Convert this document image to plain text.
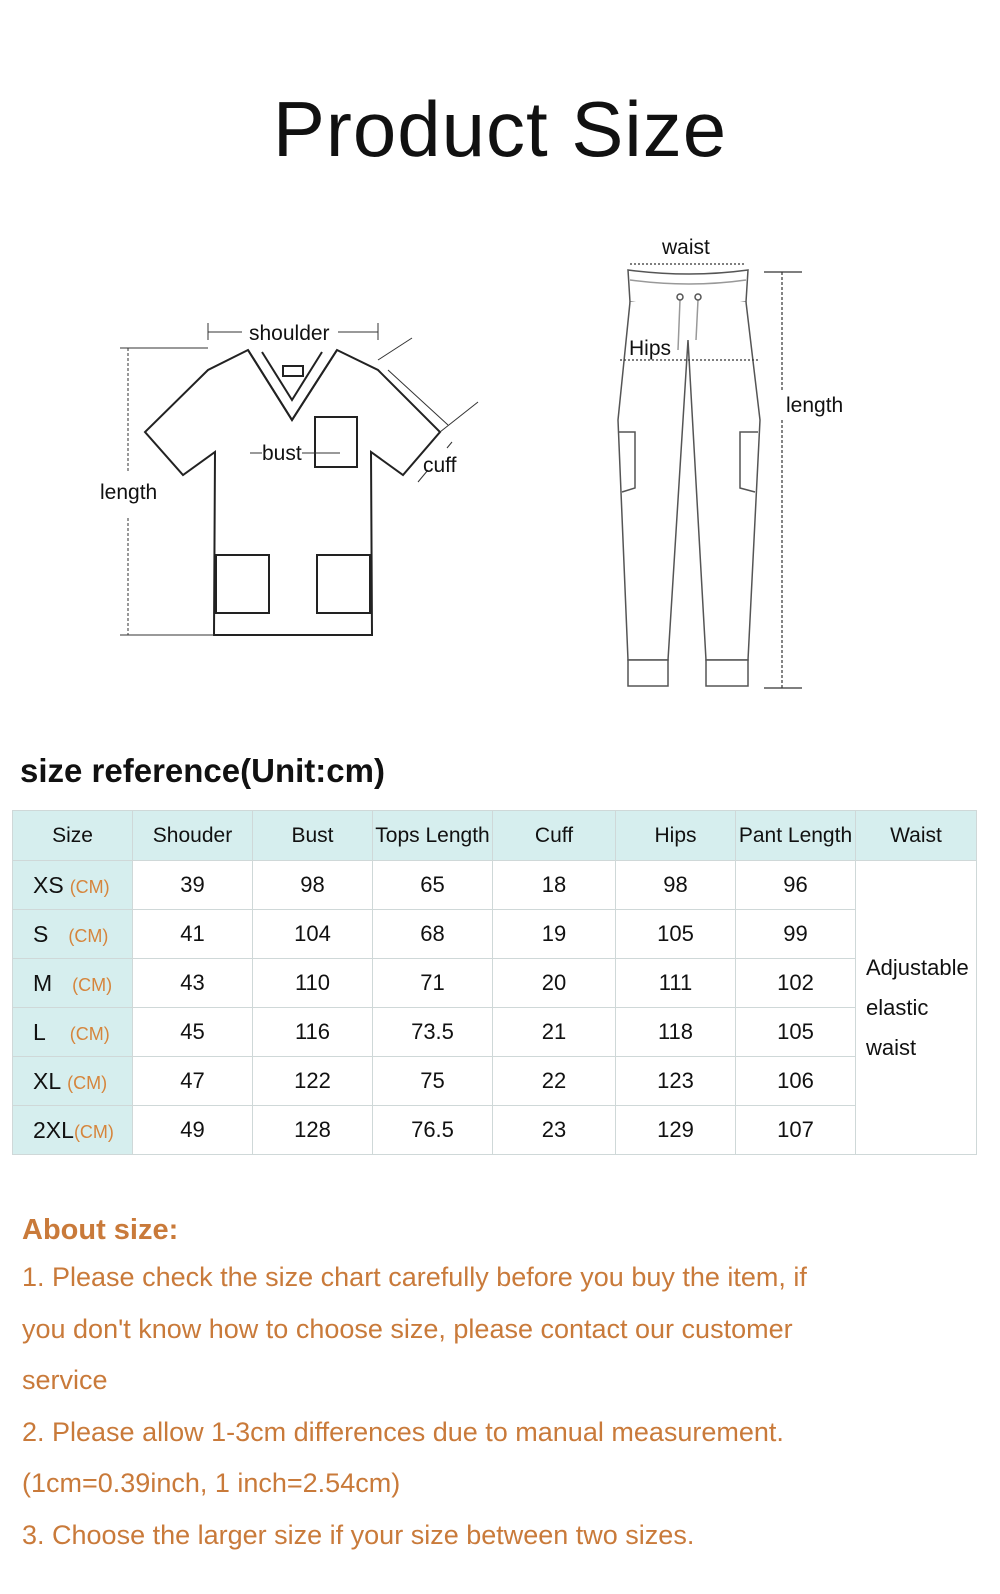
Product Size
shoulder
bust
cuff
length
waist
Hips
length
size reference(Unit:cm)
Size	Shouder	Bust	Tops Length	Cuff	Hips	Pant Length	Waist
XS (CM)	39	98	65	18	98	96	Adjustable
elastic
waist

S (CM)	41	104	68	19	105	99	
M (CM)	43	110	71	20	111	102	
L (CM)	45	116	73.5	21	118	105	
XL (CM)	47	122	75	22	123	106	
2XL(CM)	49	128	76.5	23	129	107	
About size:

1. Please check the size chart carefully before you buy the item, if

you don't know how to choose size, please contact our customer

service

2. Please allow 1-3cm differences due to manual measurement.

(1cm=0.39inch, 1 inch=2.54cm)

3. Choose the larger size if your size between two sizes.
